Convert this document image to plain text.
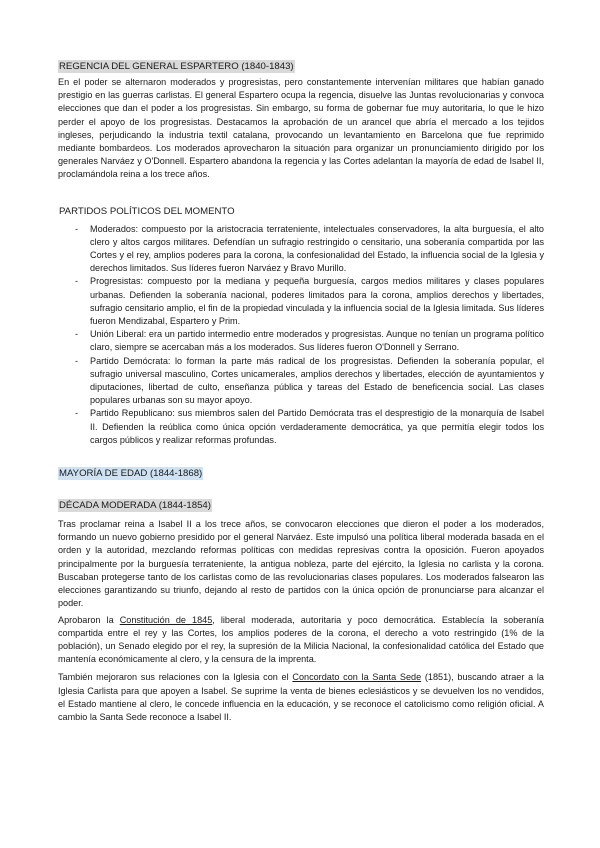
REGENCIA DEL GENERAL ESPARTERO (1840-1843)

En el poder se alternaron moderados y progresistas, pero constantemente intervenían militares que habían ganado prestigio en las guerras carlistas. El general Espartero ocupa la regencia, disuelve las Juntas revolucionarias y convoca elecciones que dan el poder a los progresistas. Sin embargo, su forma de gobernar fue muy autoritaria, lo que le hizo perder el apoyo de los progresistas. Destacamos la aprobación de un arancel que abría el mercado a los tejidos ingleses, perjudicando la industria textil catalana, provocando un levantamiento en Barcelona que fue reprimido mediante bombardeos. Los moderados aprovecharon la situación para organizar un pronunciamiento dirigido por los generales Narváez y O'Donnell. Espartero abandona la regencia y las Cortes adelantan la mayoría de edad de Isabel II, proclamándola reina a los trece años.

PARTIDOS POLÍTICOS DEL MOMENTO
- Moderados: compuesto por la aristocracia terrateniente, intelectuales conservadores, la alta burguesía, el alto clero y altos cargos militares. Defendían un sufragio restringido o censitario, una soberanía compartida por las Cortes y el rey, amplios poderes para la corona, la confesionalidad del Estado, la influencia social de la Iglesia y derechos limitados. Sus líderes fueron Narváez y Bravo Murillo.
- Progresistas: compuesto por la mediana y pequeña burguesía, cargos medios militares y clases populares urbanas. Defienden la soberanía nacional, poderes limitados para la corona, amplios derechos y libertades, sufragio censitario amplio, el fin de la propiedad vinculada y la influencia social de la Iglesia limitada. Sus líderes fueron Mendizabal, Espartero y Prim.
- Unión Liberal: era un partido intermedio entre moderados y progresistas. Aunque no tenían un programa político claro, siempre se acercaban más a los moderados. Sus líderes fueron O'Donnell y Serrano.
- Partido Demócrata: lo forman la parte más radical de los progresistas. Defienden la soberanía popular, el sufragio universal masculino, Cortes unicamerales, amplios derechos y libertades, elección de ayuntamientos y diputaciones, libertad de culto, enseñanza pública y tareas del Estado de beneficencia social. Las clases populares urbanas son su mayor apoyo.
- Partido Republicano: sus miembros salen del Partido Demócrata tras el desprestigio de la monarquía de Isabel II. Defienden la reública como única opción verdaderamente democrática, ya que permitía elegir todos los cargos públicos y realizar reformas profundas.
MAYORÍA DE EDAD (1844-1868)
DÉCADA MODERADA (1844-1854)

Tras proclamar reina a Isabel II a los trece años, se convocaron elecciones que dieron el poder a los moderados, formando un nuevo gobierno presidido por el general Narváez. Este impulsó una política liberal moderada basada en el orden y la autoridad, mezclando reformas políticas con medidas represivas contra la oposición. Fueron apoyados principalmente por la burguesía terrateniente, la antigua nobleza, parte del ejército, la Iglesia no carlista y la corona. Buscaban protegerse tanto de los carlistas como de las revolucionarias clases populares. Los moderados falsearon las elecciones garantizando su triunfo, dejando al resto de partidos con la única opción de pronunciarse para alcanzar el poder.

Aprobaron la Constitución de 1845, liberal moderada, autoritaria y poco democrática. Establecía la soberanía compartida entre el rey y las Cortes, los amplios poderes de la corona, el derecho a voto restringido (1% de la población), un Senado elegido por el rey, la supresión de la Milicia Nacional, la confesionalidad católica del Estado que mantenía económicamente al clero, y la censura de la imprenta.

También mejoraron sus relaciones con la Iglesia con el Concordato con la Santa Sede (1851), buscando atraer a la Iglesia Carlista para que apoyen a Isabel. Se suprime la venta de bienes eclesiásticos y se devuelven los no vendidos, el Estado mantiene al clero, le concede influencia en la educación, y se reconoce el catolicismo como religión oficial. A cambio la Santa Sede reconoce a Isabel II.
